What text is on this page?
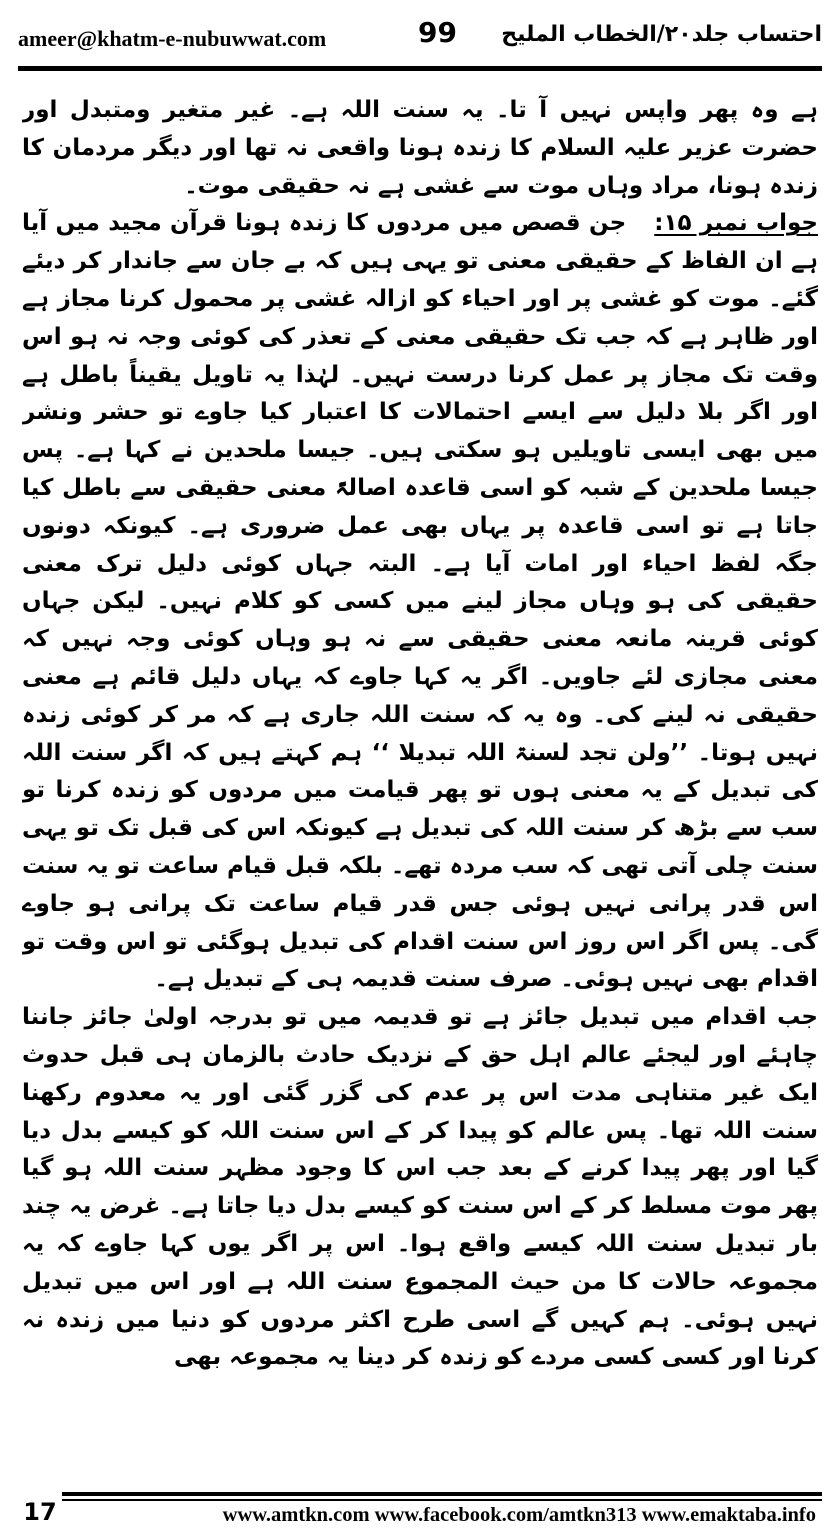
ameer@khatm-e-nubuwwat.com	99 احتساب جلد۲۰/الخطاب المليح

ہے وہ پھر واپس نہیں آ تا۔ یہ سنت اللہ ہے۔ غیر متغیر ومتبدل اور حضرت عزیر علیہ السلام کا زندہ ہونا واقعی نہ تھا اور دیگر مردمان کا زندہ ہونا، مراد وہاں موت سے غشی ہے نہ حقیقی موت۔

جواب نمبر ۱۵:جن قصص میں مردوں کا زندہ ہونا قرآن مجید میں آیا ہے ان الفاظ کے حقیقی معنی تو یہی ہیں کہ بے جان سے جاندار کر دیئے گئے۔ موت کو غشی پر اور احیاء کو ازالہ غشی پر محمول کرنا مجاز ہے اور ظاہر ہے کہ جب تک حقیقی معنی کے تعذر کی کوئی وجہ نہ ہو اس وقت تک مجاز پر عمل کرنا درست نہیں۔ لہٰذا یہ تاویل یقیناً باطل ہے اور اگر بلا دلیل سے ایسے احتمالات کا اعتبار کیا جاوے تو حشر ونشر میں بھی ایسی تاویلیں ہو سکتی ہیں۔ جیسا ملحدین نے کہا ہے۔ پس جیسا ملحدین کے شبہ کو اسی قاعدہ اصالۃً معنی حقیقی سے باطل کیا جاتا ہے تو اسی قاعدہ پر یہاں بھی عمل ضروری ہے۔ کیونکہ دونوں جگہ لفظ احیاء اور امات آیا ہے۔ البتہ جہاں کوئی دلیل ترک معنی حقیقی کی ہو وہاں مجاز لینے میں کسی کو کلام نہیں۔ لیکن جہاں کوئی قرینہ مانعہ معنی حقیقی سے نہ ہو وہاں کوئی وجہ نہیں کہ معنی مجازی لئے جاویں۔ اگر یہ کہا جاوے کہ یہاں دلیل قائم ہے معنی حقیقی نہ لینے کی۔ وہ یہ کہ سنت اللہ جاری ہے کہ مر کر کوئی زندہ نہیں ہوتا۔ ’’ولن تجد لسنۃ اللہ تبدیلا ‘‘ ہم کہتے ہیں کہ اگر سنت اللہ کی تبدیل کے یہ معنی ہوں تو پھر قیامت میں مردوں کو زندہ کرنا تو سب سے بڑھ کر سنت اللہ کی تبدیل ہے کیونکہ اس کی قبل تک تو یہی سنت چلی آتی تھی کہ سب مردہ تھے۔ بلکہ قبل قیام ساعت تو یہ سنت اس قدر پرانی نہیں ہوئی جس قدر قیام ساعت تک پرانی ہو جاوے گی۔ پس اگر اس روز اس سنت اقدام کی تبدیل ہوگئی تو اس وقت تو اقدام بھی نہیں ہوئی۔ صرف سنت قدیمہ ہی کے تبدیل ہے۔

جب اقدام میں تبدیل جائز ہے تو قدیمہ میں تو بدرجہ اولیٰ جائز جاننا چاہئے اور لیجئے عالم اہل حق کے نزدیک حادث بالزمان ہی قبل حدوث ایک غیر متناہی مدت اس پر عدم کی گزر گئی اور یہ معدوم رکھنا سنت اللہ تھا۔ پس عالم کو پیدا کر کے اس سنت اللہ کو کیسے بدل دیا گیا اور پھر پیدا کرنے کے بعد جب اس کا وجود مظہر سنت اللہ ہو گیا پھر موت مسلط کر کے اس سنت کو کیسے بدل دیا جاتا ہے۔ غرض یہ چند بار تبدیل سنت اللہ کیسے واقع ہوا۔ اس پر اگر یوں کہا جاوے کہ یہ مجموعہ حالات کا من حیث المجموع سنت اللہ ہے اور اس میں تبدیل نہیں ہوئی۔ ہم کہیں گے اسی طرح اکثر مردوں کو دنیا میں زندہ نہ کرنا اور کسی کسی مردے کو زندہ کر دینا یہ مجموعہ بھی

17	www.amtkn.com www.facebook.com/amtkn313 www.emaktaba.info
